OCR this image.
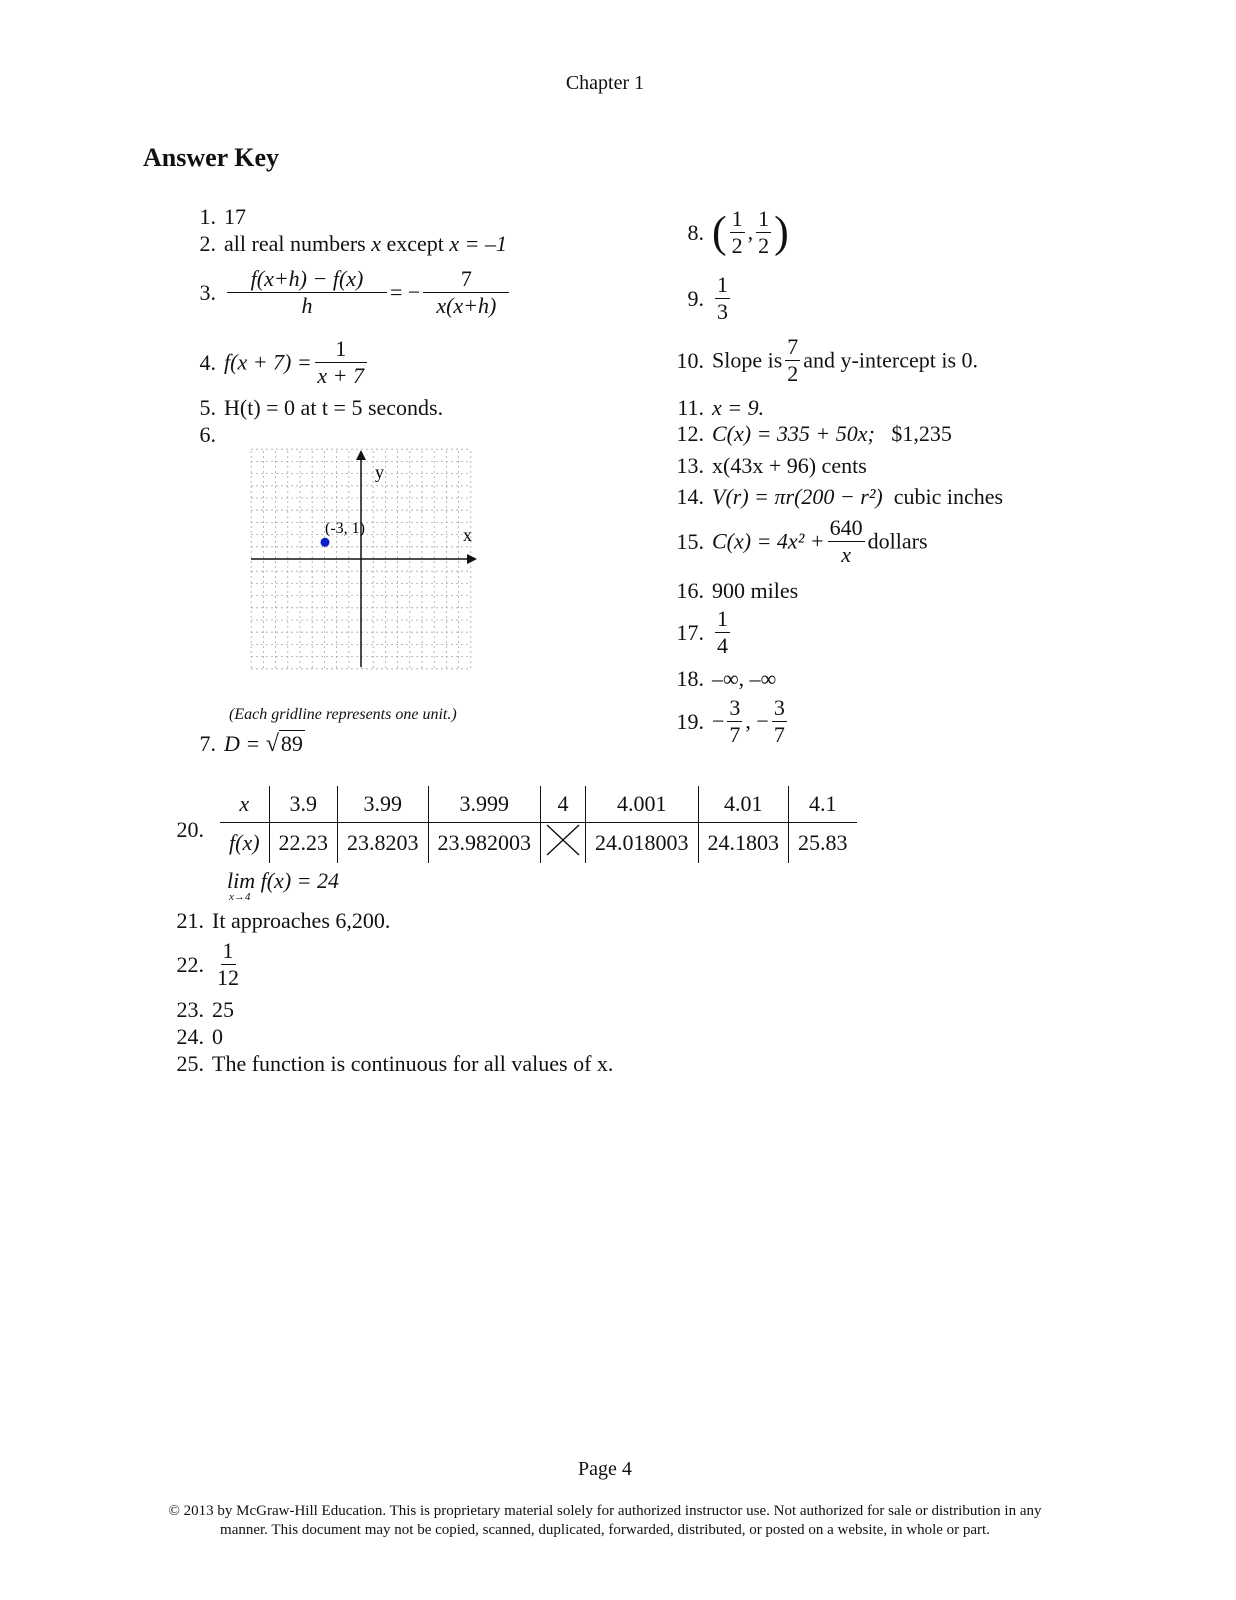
Chapter 1
Answer Key
1. 17
2. all real numbers x except x = –1
3. $\frac{f(x+h) - f(x)}{h}$ = − $\frac{7}{x(x+h)}$
4. $f(x + 7) = \frac{1}{x + 7}$
5. H(t) = 0 at t = 5 seconds.
6.
y
x
(-3, 1)
(Each gridline represents one unit.)
7. D = √89
8. ( $\frac{1}{2}$ , $\frac{1}{2}$ )
9. $\frac{1}{3}$
10. Slope is $\frac{7}{2}$ and y-intercept is 0.
11. x = 9.
12. C(x) = 335 + 50x; $1,235
13. x(43x + 96) cents
14. V(r) = πr(200 − r²) cubic inches
15. $C(x) = 4x^2 + \frac{640}{x}$ dollars
16. 900 miles
17. $\frac{1}{4}$
18. –∞, –∞
19. − $\frac{3}{7}$ , − $\frac{3}{7}$
20.
x	3.9	3.99	3.999	4	4.001	4.01	4.1
f(x)	22.23	23.8203	23.982003		24.018003	24.1803	25.83
lim f(x) = 24
x→4
21. It approaches 6,200.
22. $\frac{1}{12}$
23. 25
24. 0
25. The function is continuous for all values of x.
Page 4
© 2013 by McGraw-Hill Education. This is proprietary material solely for authorized instructor use. Not authorized for sale or distribution in any
manner. This document may not be copied, scanned, duplicated, forwarded, distributed, or posted on a website, in whole or part.
